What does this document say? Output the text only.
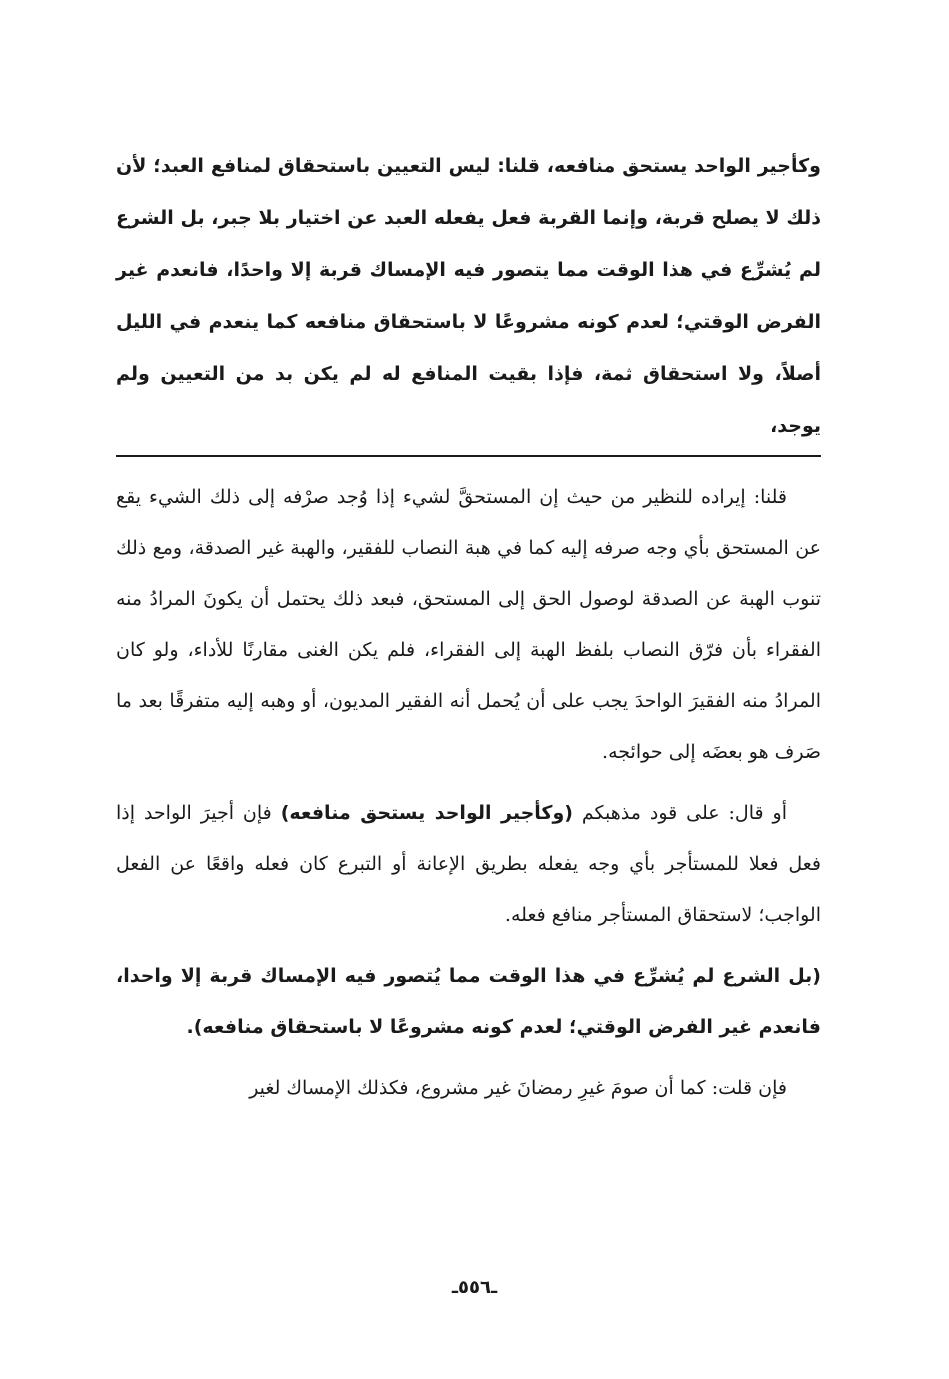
وكأجير الواحد يستحق منافعه، قلنا: ليس التعيين باستحقاق لمنافع العبد؛ لأن ذلك لا يصلح قربة، وإنما القربة فعل يفعله العبد عن اختيار بلا جبر، بل الشرع لم يُشرِّع في هذا الوقت مما يتصور فيه الإمساك قربة إلا واحدًا، فانعدم غير الفرض الوقتي؛ لعدم كونه مشروعًا لا باستحقاق منافعه كما ينعدم في الليل أصلاً، ولا استحقاق ثمة، فإذا بقيت المنافع له لم يكن بد من التعيين ولم يوجد،

قلنا: إيراده للنظير من حيث إن المستحقَّ لشيء إذا وُجد صرْفه إلى ذلك الشيء يقع عن المستحق بأي وجه صرفه إليه كما في هبة النصاب للفقير، والهبة غير الصدقة، ومع ذلك تنوب الهبة عن الصدقة لوصول الحق إلى المستحق، فبعد ذلك يحتمل أن يكونَ المرادُ منه الفقراء بأن فرّق النصاب بلفظ الهبة إلى الفقراء، فلم يكن الغنى مقارنًا للأداء، ولو كان المرادُ منه الفقيرَ الواحدَ يجب على أن يُحمل أنه الفقير المديون، أو وهبه إليه متفرقًا بعد ما صَرف هو بعضَه إلى حوائجه.

أو قال: على قود مذهبكم (وكأجير الواحد يستحق منافعه) فإن أجيرَ الواحد إذا فعل فعلا للمستأجر بأي وجه يفعله بطريق الإعانة أو التبرع كان فعله واقعًا عن الفعل الواجب؛ لاستحقاق المستأجر منافع فعله.

(بل الشرع لم يُشرِّع في هذا الوقت مما يُتصور فيه الإمساك قربة إلا واحدا، فانعدم غير الفرض الوقتي؛ لعدم كونه مشروعًا لا باستحقاق منافعه).

فإن قلت: كما أن صومَ غيرِ رمضانَ غير مشروع، فكذلك الإمساك لغير

ـ٥٥٦ـ
